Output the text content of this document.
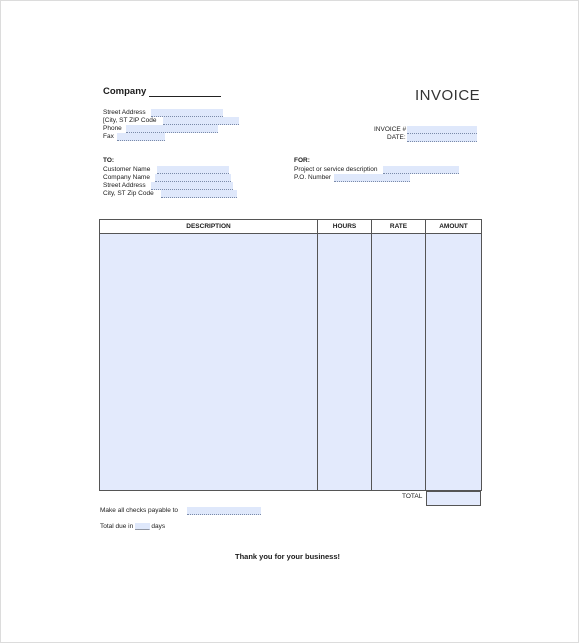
Company	INVOICE
Street Address
[City, ST ZIP Code
Phone
Fax
INVOICE #
DATE:
TO:
Customer Name
Company Name
Street Address
City, ST Zip Code
FOR:
Project or service description
P.O. Number
DESCRIPTION	HOURS	RATE	AMOUNT

TOTAL
Make all checks payable to
Total due in ____ days
Thank you for your business!
